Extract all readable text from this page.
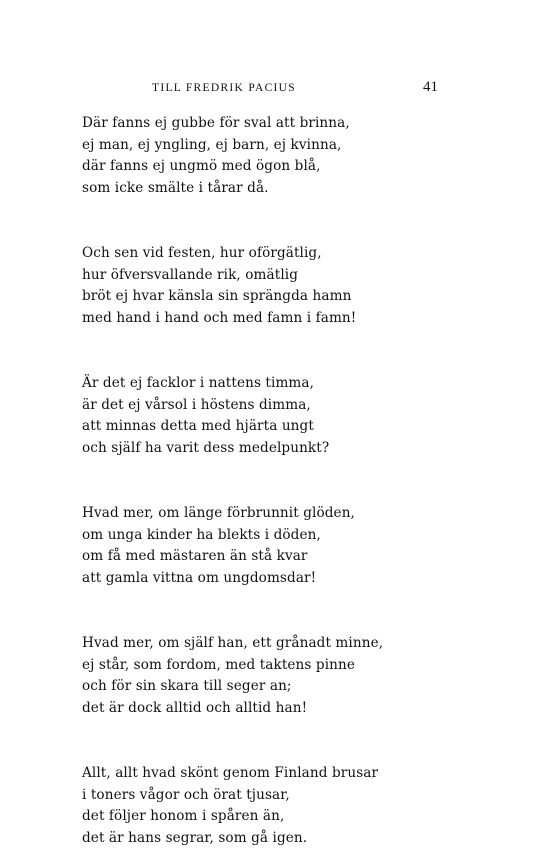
TILL FREDRIK PACIUS	41
Där fanns ej gubbe för sval att brinna,
ej man, ej yngling, ej barn, ej kvinna,
där fanns ej ungmö med ögon blå,
som icke smälte i tårar då.
Och sen vid festen, hur oförgätlig,
hur öfversvallande rik, omätlig
bröt ej hvar känsla sin sprängda hamn
med hand i hand och med famn i famn!
Är det ej facklor i nattens timma,
är det ej vårsol i höstens dimma,
att minnas detta med hjärta ungt
och själf ha varit dess medelpunkt?
Hvad mer, om länge förbrunnit glöden,
om unga kinder ha blekts i döden,
om få med mästaren än stå kvar
att gamla vittna om ungdomsdar!
Hvad mer, om själf han, ett grånadt minne,
ej står, som fordom, med taktens pinne
och för sin skara till seger an;
det är dock alltid och alltid han!
Allt, allt hvad skönt genom Finland brusar
i toners vågor och örat tjusar,
det följer honom i spåren än,
det är hans segrar, som gå igen.
